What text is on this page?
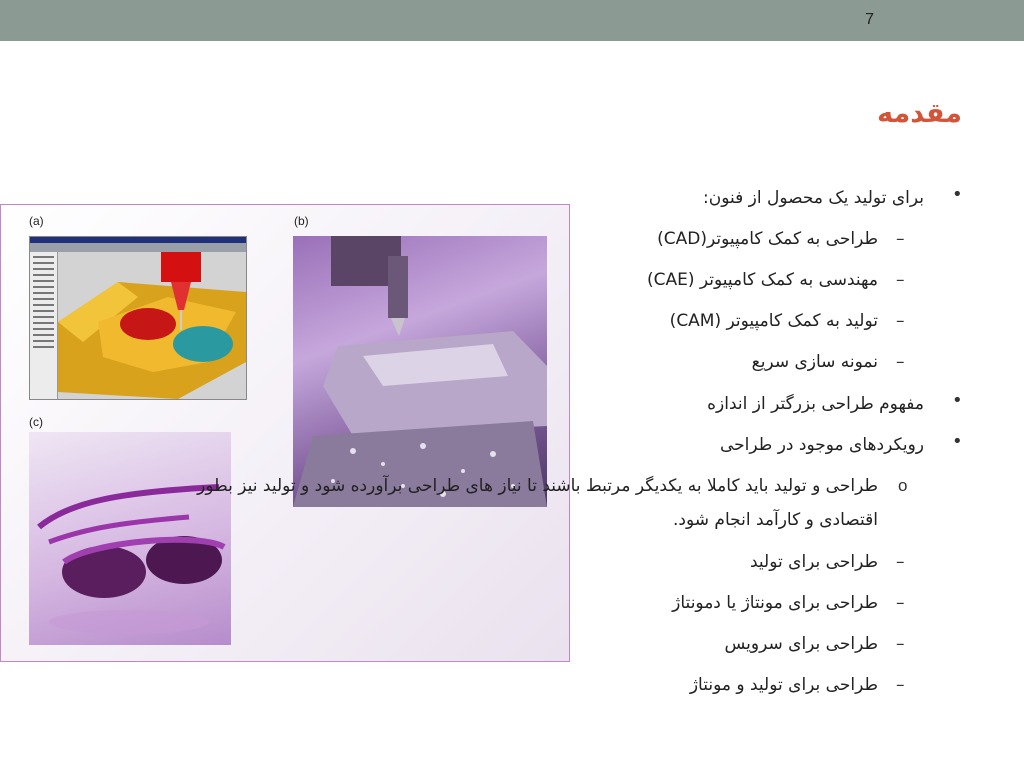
7
مقدمه
(a)	(b)
(c)
•
برای تولید یک محصول از فنون:
–
طراحی به کمک کامپیوتر(CAD)
–
مهندسی به کمک کامپیوتر (CAE)
–
تولید به کمک کامپیوتر (CAM)
–
نمونه سازی سریع
•
مفهوم طراحی بزرگتر از اندازه
•
رویکردهای موجود در طراحی
o
طراحی و تولید باید کاملا به یکدیگر مرتبط باشند تا نیاز های طراحی برآورده شود و تولید نیز بطور
اقتصادی و کارآمد انجام شود.
–
طراحی برای تولید
–
طراحی برای مونتاژ یا دمونتاژ
–
طراحی برای سرویس
–
طراحی برای تولید و مونتاژ
